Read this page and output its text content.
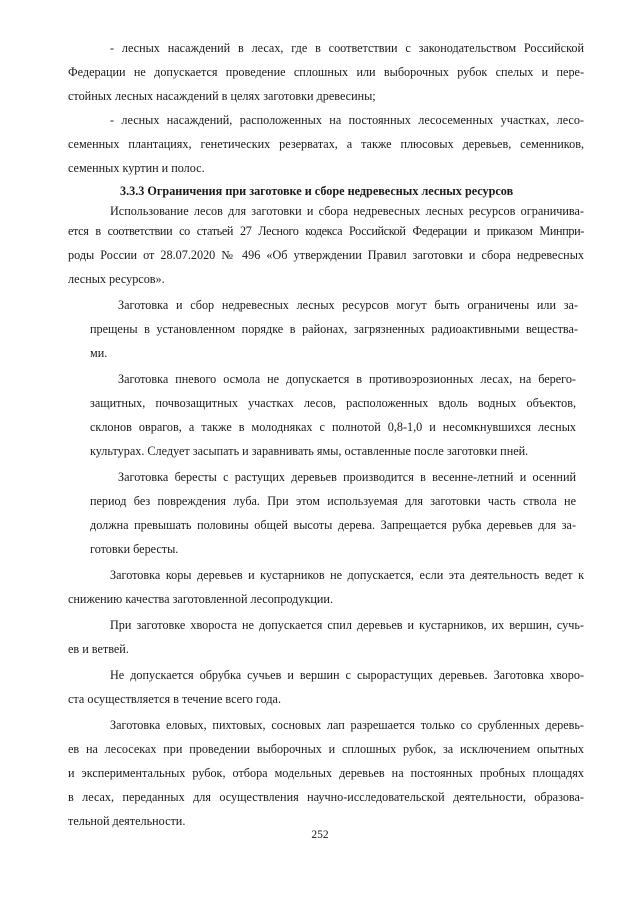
- лесных насаждений в лесах, где в соответствии с законодательством Российской
Федерации не допускается проведение сплошных или выборочных рубок спелых и пере-
стойных лесных насаждений в целях заготовки древесины;
- лесных насаждений, расположенных на постоянных лесосеменных участках, лесо-
семенных плантациях, генетических резерватах, а также плюсовых деревьев, семенников,
семенных куртин и полос.
3.3.3 Ограничения при заготовке и сборе недревесных лесных ресурсов
Использование лесов для заготовки и сбора недревесных лесных ресурсов ограничива-
ется в соответствии со статьей 27 Лесного кодекса Российской Федерации и приказом Минпри-
роды России от 28.07.2020 № 496 «Об утверждении Правил заготовки и сбора недревесных
лесных ресурсов».
Заготовка и сбор недревесных лесных ресурсов могут быть ограничены или за-
прещены в установленном порядке в районах, загрязненных радиоактивными вещества-
ми.
Заготовка пневого осмола не допускается в противоэрозионных лесах, на берего-
защитных, почвозащитных участках лесов, расположенных вдоль водных объектов,
склонов оврагов, а также в молодняках с полнотой 0,8-1,0 и несомкнувшихся лесных
культурах. Следует засыпать и заравнивать ямы, оставленные после заготовки пней.
Заготовка бересты с растущих деревьев производится в весенне-летний и осенний
период без повреждения луба. При этом используемая для заготовки часть ствола не
должна превышать половины общей высоты дерева. Запрещается рубка деревьев для за-
готовки бересты.
Заготовка коры деревьев и кустарников не допускается, если эта деятельность ведет к
снижению качества заготовленной лесопродукции.
При заготовке хвороста не допускается спил деревьев и кустарников, их вершин, сучь-
ев и ветвей.
Не допускается обрубка сучьев и вершин с сырорастущих деревьев. Заготовка хворо-
ста осуществляется в течение всего года.
Заготовка еловых, пихтовых, сосновых лап разрешается только со срубленных деревь-
ев на лесосеках при проведении выборочных и сплошных рубок, за исключением опытных
и экспериментальных рубок, отбора модельных деревьев на постоянных пробных площадях
в лесах, переданных для осуществления научно-исследовательской деятельности, образова-
тельной деятельности.
252
